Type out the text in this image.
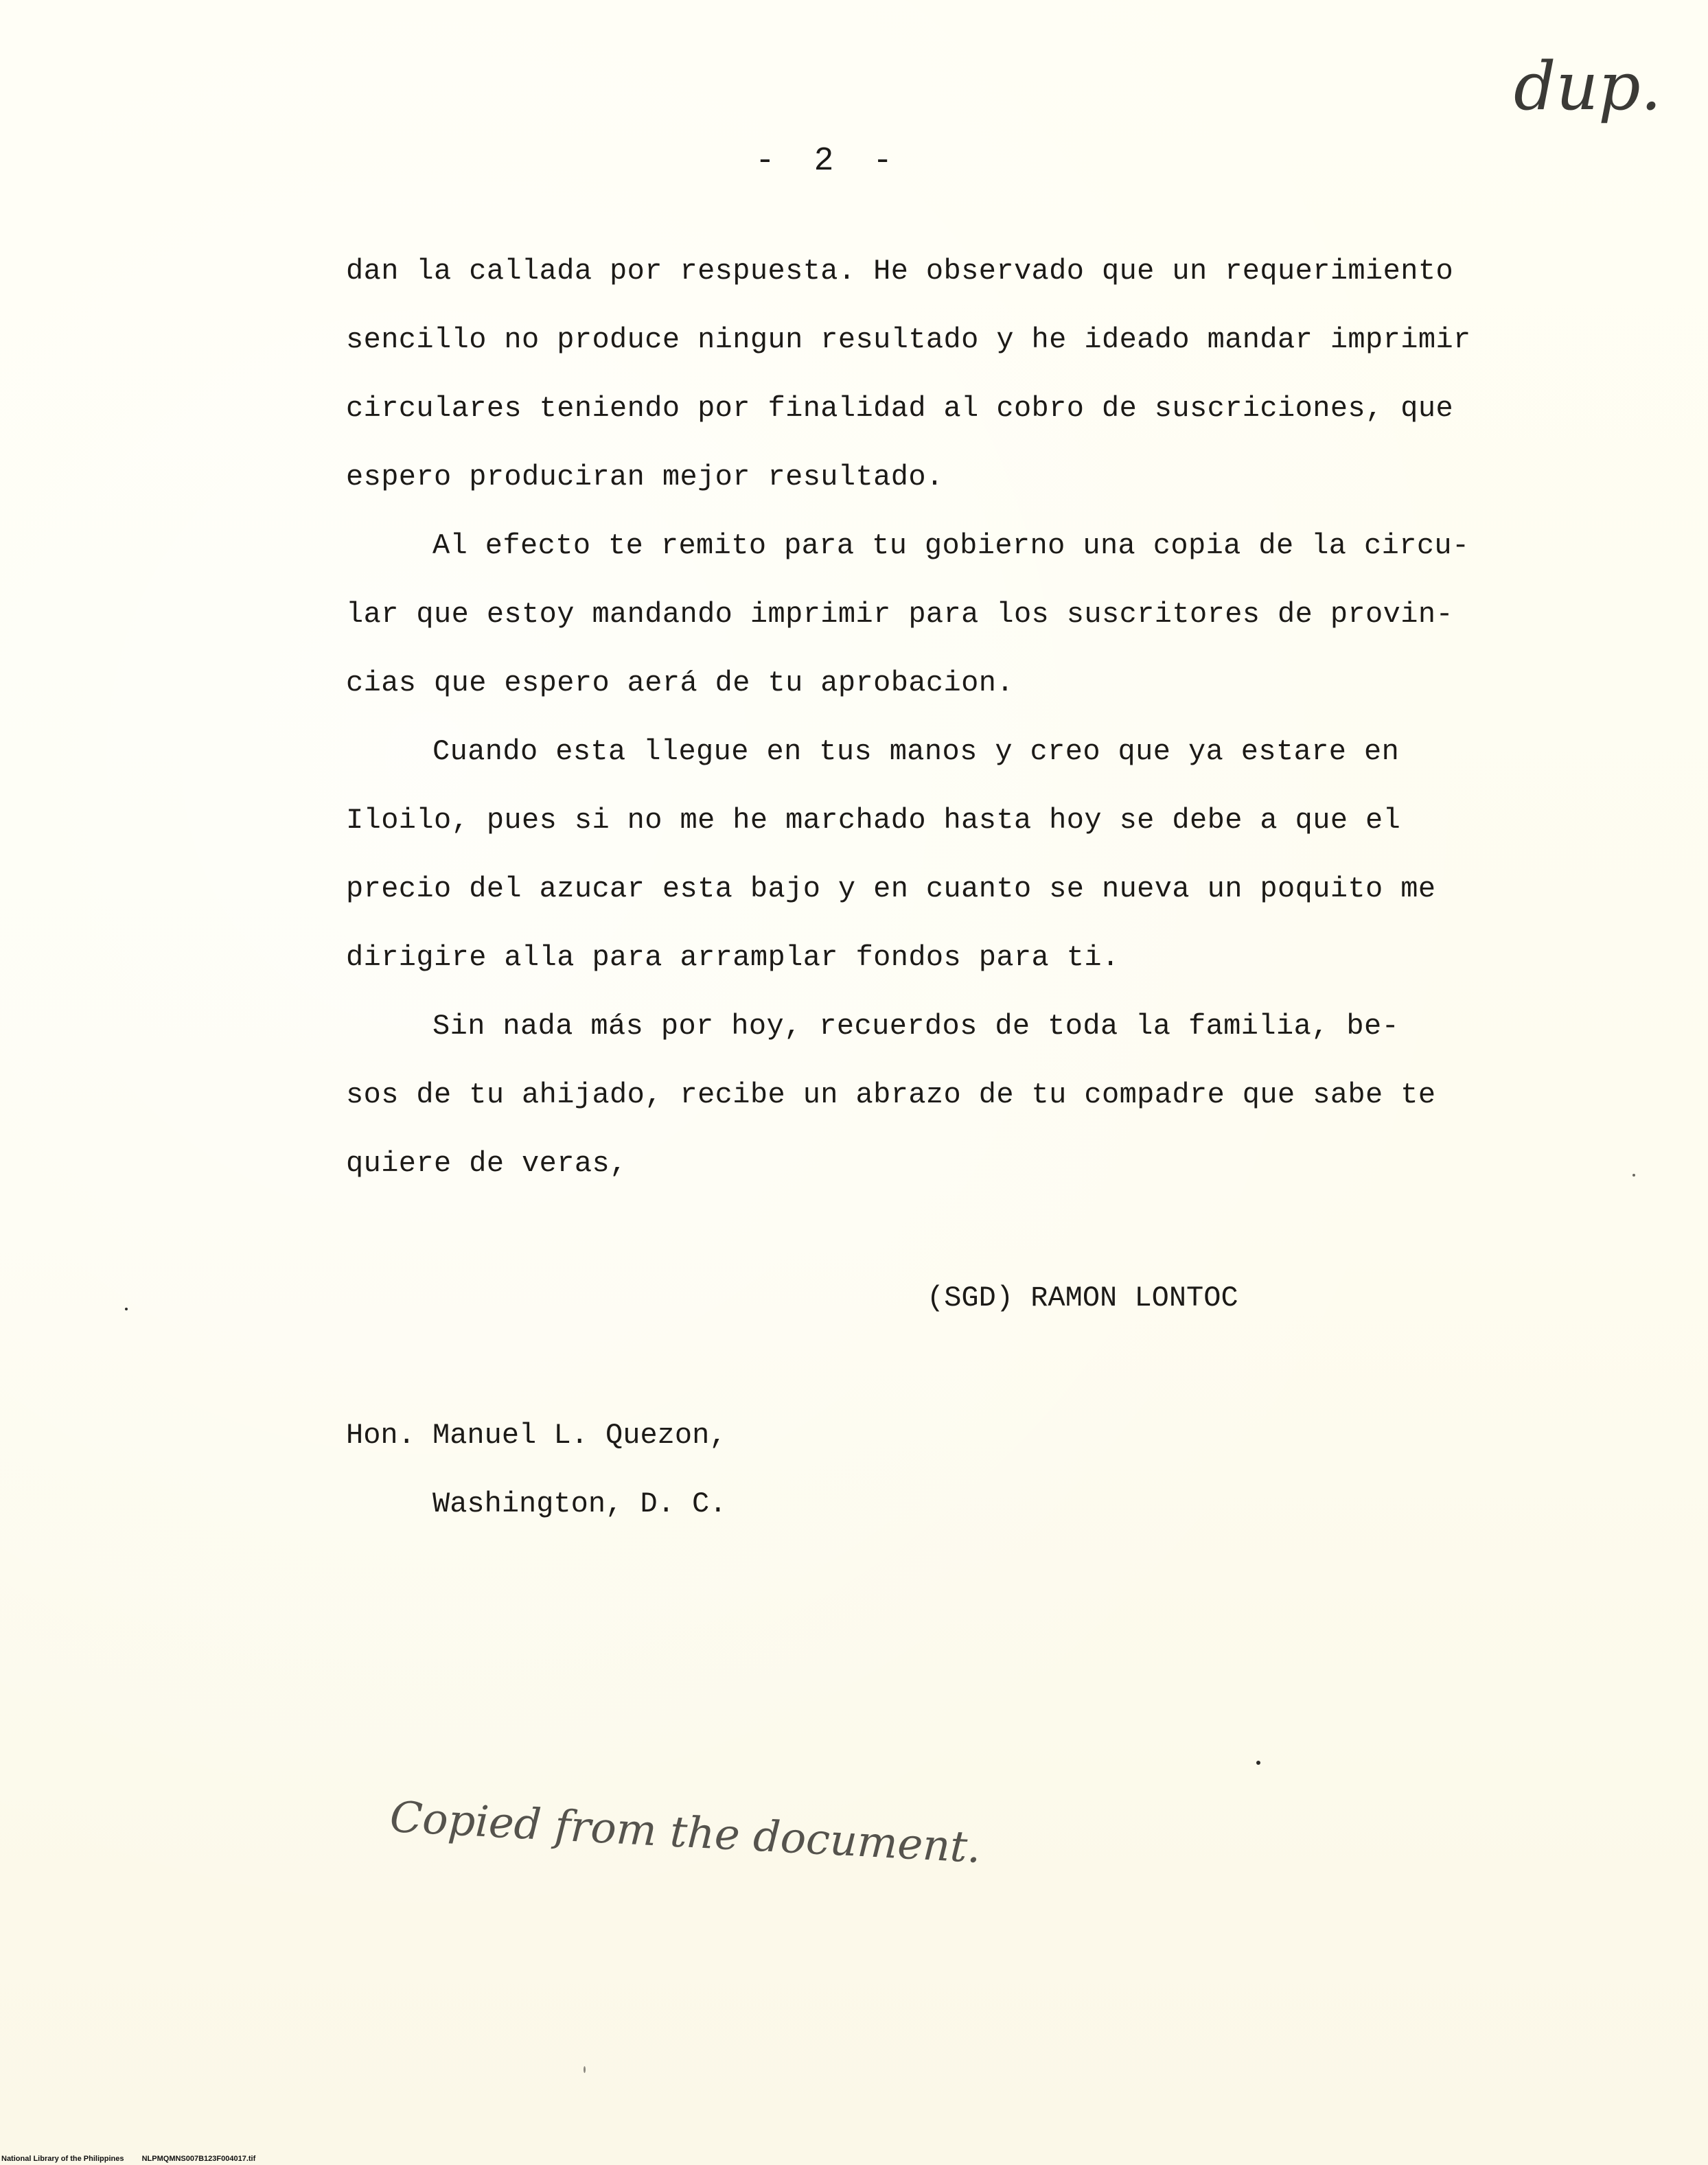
dup.
- 2 -
dan la callada por respuesta. He observado que un requerimiento
sencillo no produce ningun resultado y he ideado mandar imprimir
circulares teniendo por finalidad al cobro de suscriciones, que
espero produciran mejor resultado.
Al efecto te remito para tu gobierno una copia de la circu-
lar que estoy mandando imprimir para los suscritores de provin-
cias que espero aerá de tu aprobacion.
Cuando esta llegue en tus manos y creo que ya estare en
Iloilo, pues si no me he marchado hasta hoy se debe a que el
precio del azucar esta bajo y en cuanto se nueva un poquito me
dirigire alla para arramplar fondos para ti.
Sin nada más por hoy, recuerdos de toda la familia, be-
sos de tu ahijado, recibe un abrazo de tu compadre que sabe te
quiere de veras,
(SGD) RAMON LONTOC
Hon. Manuel L. Quezon,
Washington, D. C.
Copied from the document.
National Library of the Philippines NLPMQMNS007B123F004017.tif
